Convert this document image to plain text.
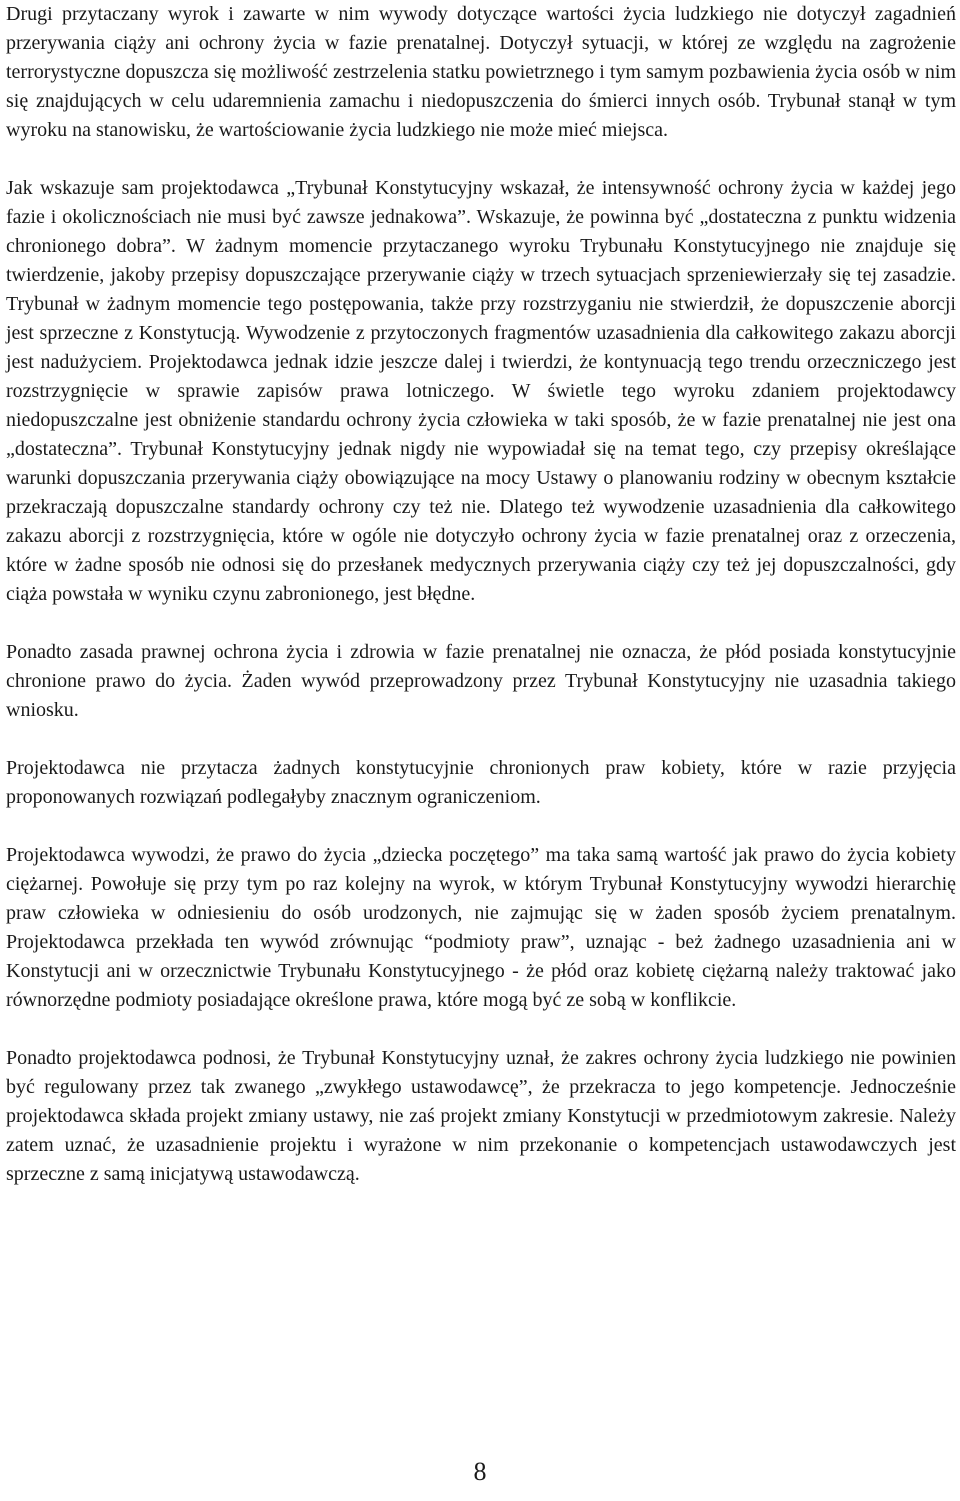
Drugi przytaczany wyrok i zawarte w nim wywody dotyczące wartości życia ludzkiego nie dotyczył zagadnień przerywania ciąży ani ochrony życia w fazie prenatalnej. Dotyczył sytuacji, w której ze względu na zagrożenie terrorystyczne dopuszcza się możliwość zestrzelenia statku powietrznego i tym samym pozbawienia życia osób w nim się znajdujących w celu udaremnienia zamachu i niedopuszczenia do śmierci innych osób. Trybunał stanął w tym wyroku na stanowisku, że wartościowanie życia ludzkiego nie może mieć miejsca.

Jak wskazuje sam projektodawca „Trybunał Konstytucyjny wskazał, że intensywność ochrony życia w każdej jego fazie i okolicznościach nie musi być zawsze jednakowa”. Wskazuje, że powinna być „dostateczna z punktu widzenia chronionego dobra”. W żadnym momencie przytaczanego wyroku Trybunału Konstytucyjnego nie znajduje się twierdzenie, jakoby przepisy dopuszczające przerywanie ciąży w trzech sytuacjach sprzeniewierzały się tej zasadzie. Trybunał w żadnym momencie tego postępowania, także przy rozstrzyganiu nie stwierdził, że dopuszczenie aborcji jest sprzeczne z Konstytucją. Wywodzenie z przytoczonych fragmentów uzasadnienia dla całkowitego zakazu aborcji jest nadużyciem. Projektodawca jednak idzie jeszcze dalej i twierdzi, że kontynuacją tego trendu orzeczniczego jest rozstrzygnięcie w sprawie zapisów prawa lotniczego. W świetle tego wyroku zdaniem projektodawcy niedopuszczalne jest obniżenie standardu ochrony życia człowieka w taki sposób, że w fazie prenatalnej nie jest ona „dostateczna”. Trybunał Konstytucyjny jednak nigdy nie wypowiadał się na temat tego, czy przepisy określające warunki dopuszczania przerywania ciąży obowiązujące na mocy Ustawy o planowaniu rodziny w obecnym kształcie przekraczają dopuszczalne standardy ochrony czy też nie. Dlatego też wywodzenie uzasadnienia dla całkowitego zakazu aborcji z rozstrzygnięcia, które w ogóle nie dotyczyło ochrony życia w fazie prenatalnej oraz z orzeczenia, które w żadne sposób nie odnosi się do przesłanek medycznych przerywania ciąży czy też jej dopuszczalności, gdy ciąża powstała w wyniku czynu zabronionego, jest błędne.

Ponadto zasada prawnej ochrona życia i zdrowia w fazie prenatalnej nie oznacza, że płód posiada konstytucyjnie chronione prawo do życia. Żaden wywód przeprowadzony przez Trybunał Konstytucyjny nie uzasadnia takiego wniosku.

Projektodawca nie przytacza żadnych konstytucyjnie chronionych praw kobiety, które w razie przyjęcia proponowanych rozwiązań podlegałyby znacznym ograniczeniom.

Projektodawca wywodzi, że prawo do życia „dziecka poczętego” ma taka samą wartość jak prawo do życia kobiety ciężarnej. Powołuje się przy tym po raz kolejny na wyrok, w którym Trybunał Konstytucyjny wywodzi hierarchię praw człowieka w odniesieniu do osób urodzonych, nie zajmując się w żaden sposób życiem prenatalnym. Projektodawca przekłada ten wywód zrównując “podmioty praw”, uznając - beż żadnego uzasadnienia ani w Konstytucji ani w orzecznictwie Trybunału Konstytucyjnego - że płód oraz kobietę ciężarną należy traktować jako równorzędne podmioty posiadające określone prawa, które mogą być ze sobą w konflikcie.

Ponadto projektodawca podnosi, że Trybunał Konstytucyjny uznał, że zakres ochrony życia ludzkiego nie powinien być regulowany przez tak zwanego „zwykłego ustawodawcę”, że przekracza to jego kompetencje. Jednocześnie projektodawca składa projekt zmiany ustawy, nie zaś projekt zmiany Konstytucji w przedmiotowym zakresie. Należy zatem uznać, że uzasadnienie projektu i wyrażone w nim przekonanie o kompetencjach ustawodawczych jest sprzeczne z samą inicjatywą ustawodawczą.

8
